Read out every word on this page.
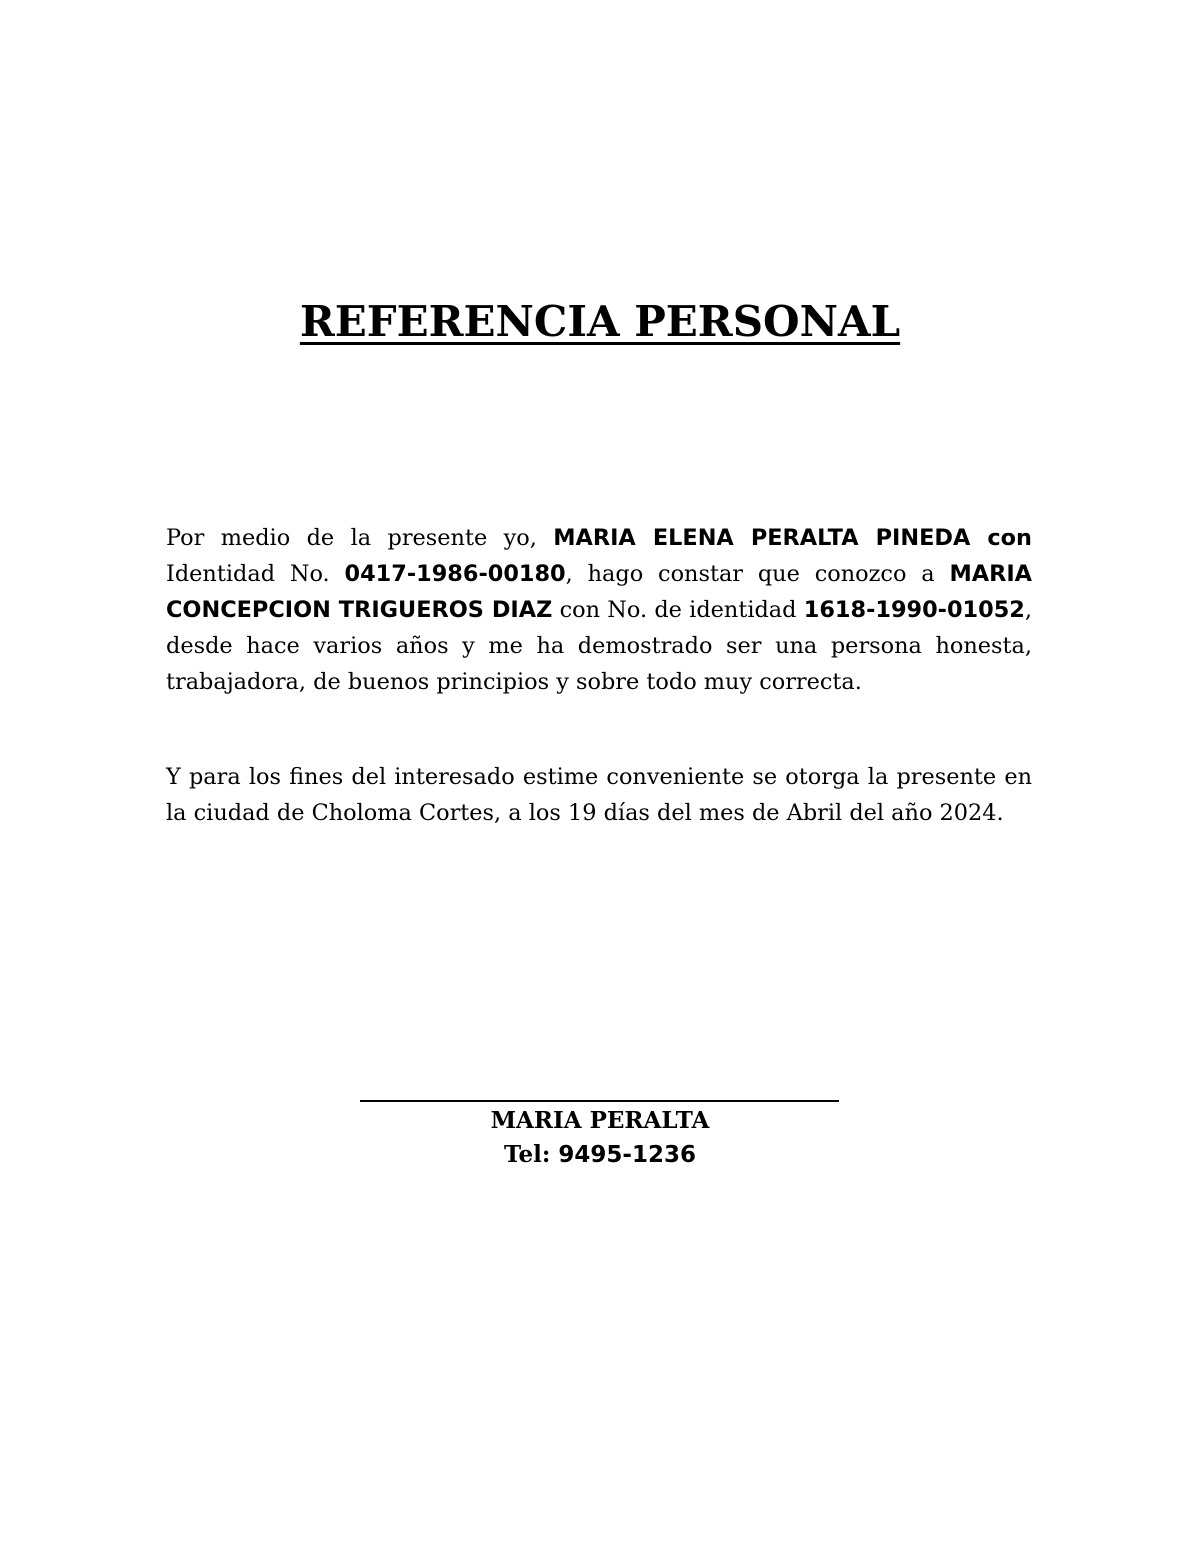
REFERENCIA PERSONAL

Por medio de la presente yo, MARIA ELENA PERALTA PINEDA con Identidad No. 0417-1986-00180, hago constar que conozco a MARIA CONCEPCION TRIGUEROS DIAZ con No. de identidad 1618-1990-01052, desde hace varios años y me ha demostrado ser una persona honesta, trabajadora, de buenos principios y sobre todo muy correcta.

Y para los fines del interesado estime conveniente se otorga la presente en la ciudad de Choloma Cortes, a los 19 días del mes de Abril del año 2024.

MARIA PERALTA

Tel: 9495-1236
